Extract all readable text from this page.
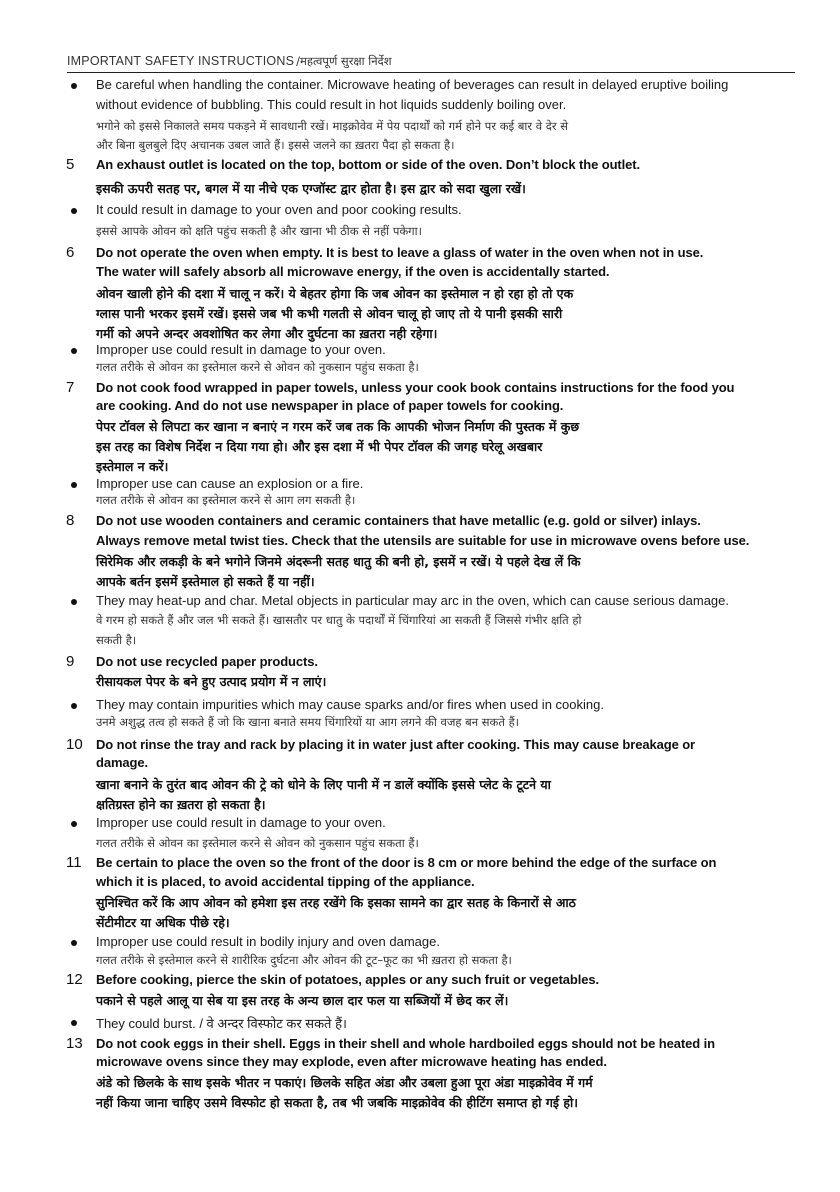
IMPORTANT SAFETY INSTRUCTIONS /महत्वपूर्ण सुरक्षा निर्देश
Be careful when handling the container. Microwave heating of beverages can result in delayed eruptive boiling
without evidence of bubbling. This could result in hot liquids suddenly boiling over.
भगोने को इससे निकालते समय पकड़ने में सावधानी रखें। माइक्रोवेव में पेय पदार्थों को गर्म होने पर कई बार वे देर से
और बिना बुलबुले दिए अचानक उबल जाते हैं। इससे जलने का ख़तरा पैदा हो सकता है।
5 An exhaust outlet is located on the top, bottom or side of the oven. Don’t block the outlet.
इसकी ऊपरी सतह पर, बगल में या नीचे एक एग्जॉस्ट द्वार होता है। इस द्वार को सदा खुला रखें।
It could result in damage to your oven and poor cooking results.
इससे आपके ओवन को क्षति पहुंच सकती है और खाना भी ठीक से नहीं पकेगा।
6 Do not operate the oven when empty. It is best to leave a glass of water in the oven when not in use.
The water will safely absorb all microwave energy, if the oven is accidentally started.
ओवन खाली होने की दशा में चालू न करें। ये बेहतर होगा कि जब ओवन का इस्तेमाल न हो रहा हो तो एक
ग्लास पानी भरकर इसमें रखें। इससे जब भी कभी गलती से ओवन चालू हो जाए तो ये पानी इसकी सारी
गर्मी को अपने अन्दर अवशोषित कर लेगा और दुर्घटना का ख़तरा नही रहेगा।
Improper use could result in damage to your oven.
गलत तरीके से ओवन का इस्तेमाल करने से ओवन को नुकसान पहुंच सकता है।
7 Do not cook food wrapped in paper towels, unless your cook book contains instructions for the food you
are cooking. And do not use newspaper in place of paper towels for cooking.
पेपर टॉवल से लिपटा कर खाना न बनाएं न गरम करें जब तक कि आपकी भोजन निर्माण की पुस्तक में कुछ
इस तरह का विशेष निर्देश न दिया गया हो। और इस दशा में भी पेपर टॉवल की जगह घरेलू अखबार
इस्तेमाल न करें।
Improper use can cause an explosion or a fire.
गलत तरीके से ओवन का इस्तेमाल करने से आग लग सकती है।
8 Do not use wooden containers and ceramic containers that have metallic (e.g. gold or silver) inlays.
Always remove metal twist ties. Check that the utensils are suitable for use in microwave ovens before use.
सिरेमिक और लकड़ी के बने भगोने जिनमे अंदरूनी सतह धातु की बनी हो, इसमें न रखें। ये पहले देख लें कि
आपके बर्तन इसमें इस्तेमाल हो सकते हैं या नहीं।
They may heat-up and char. Metal objects in particular may arc in the oven, which can cause serious damage.
वे गरम हो सकते हैं और जल भी सकते हैं। खासतौर पर धातु के पदार्थों में चिंगारियां आ सकती हैं जिससे गंभीर क्षति हो
सकती है।
9 Do not use recycled paper products.
रीसायकल पेपर के बने हुए उत्पाद प्रयोग में न लाएं।
They may contain impurities which may cause sparks and/or fires when used in cooking.
उनमे अशुद्ध तत्व हो सकते हैं जो कि खाना बनाते समय चिंगारियों या आग लगने की वजह बन सकते हैं।
10 Do not rinse the tray and rack by placing it in water just after cooking. This may cause breakage or
damage.
खाना बनाने के तुरंत बाद ओवन की ट्रे को धोने के लिए पानी में न डालें क्योंकि इससे प्लेट के टूटने या
क्षतिग्रस्त होने का ख़तरा हो सकता है।
Improper use could result in damage to your oven.
गलत तरीके से ओवन का इस्तेमाल करने से ओवन को नुकसान पहुंच सकता हैं।
11 Be certain to place the oven so the front of the door is 8 cm or more behind the edge of the surface on
which it is placed, to avoid accidental tipping of the appliance.
सुनिश्चित करें कि आप ओवन को हमेशा इस तरह रखेंगे कि इसका सामने का द्वार सतह के किनारों से आठ
सेंटीमीटर या अधिक पीछे रहे।
Improper use could result in bodily injury and oven damage.
गलत तरीके से इस्तेमाल करने से शारीरिक दुर्घटना और ओवन की टूट–फूट का भी ख़तरा हो सकता है।
12 Before cooking, pierce the skin of potatoes, apples or any such fruit or vegetables.
पकाने से पहले आलू या सेब या इस तरह के अन्य छाल दार फल या सब्जियों में छेद कर लें।
They could burst. / वे अन्दर विस्फोट कर सकते हैं।
13 Do not cook eggs in their shell. Eggs in their shell and whole hardboiled eggs should not be heated in
microwave ovens since they may explode, even after microwave heating has ended.
अंडे को छिलके के साथ इसके भीतर न पकाएं। छिलके सहित अंडा और उबला हुआ पूरा अंडा माइक्रोवेव में गर्म
नहीं किया जाना चाहिए उसमे विस्फोट हो सकता है, तब भी जबकि माइक्रोवेव की हीटिंग समाप्त हो गई हो।
